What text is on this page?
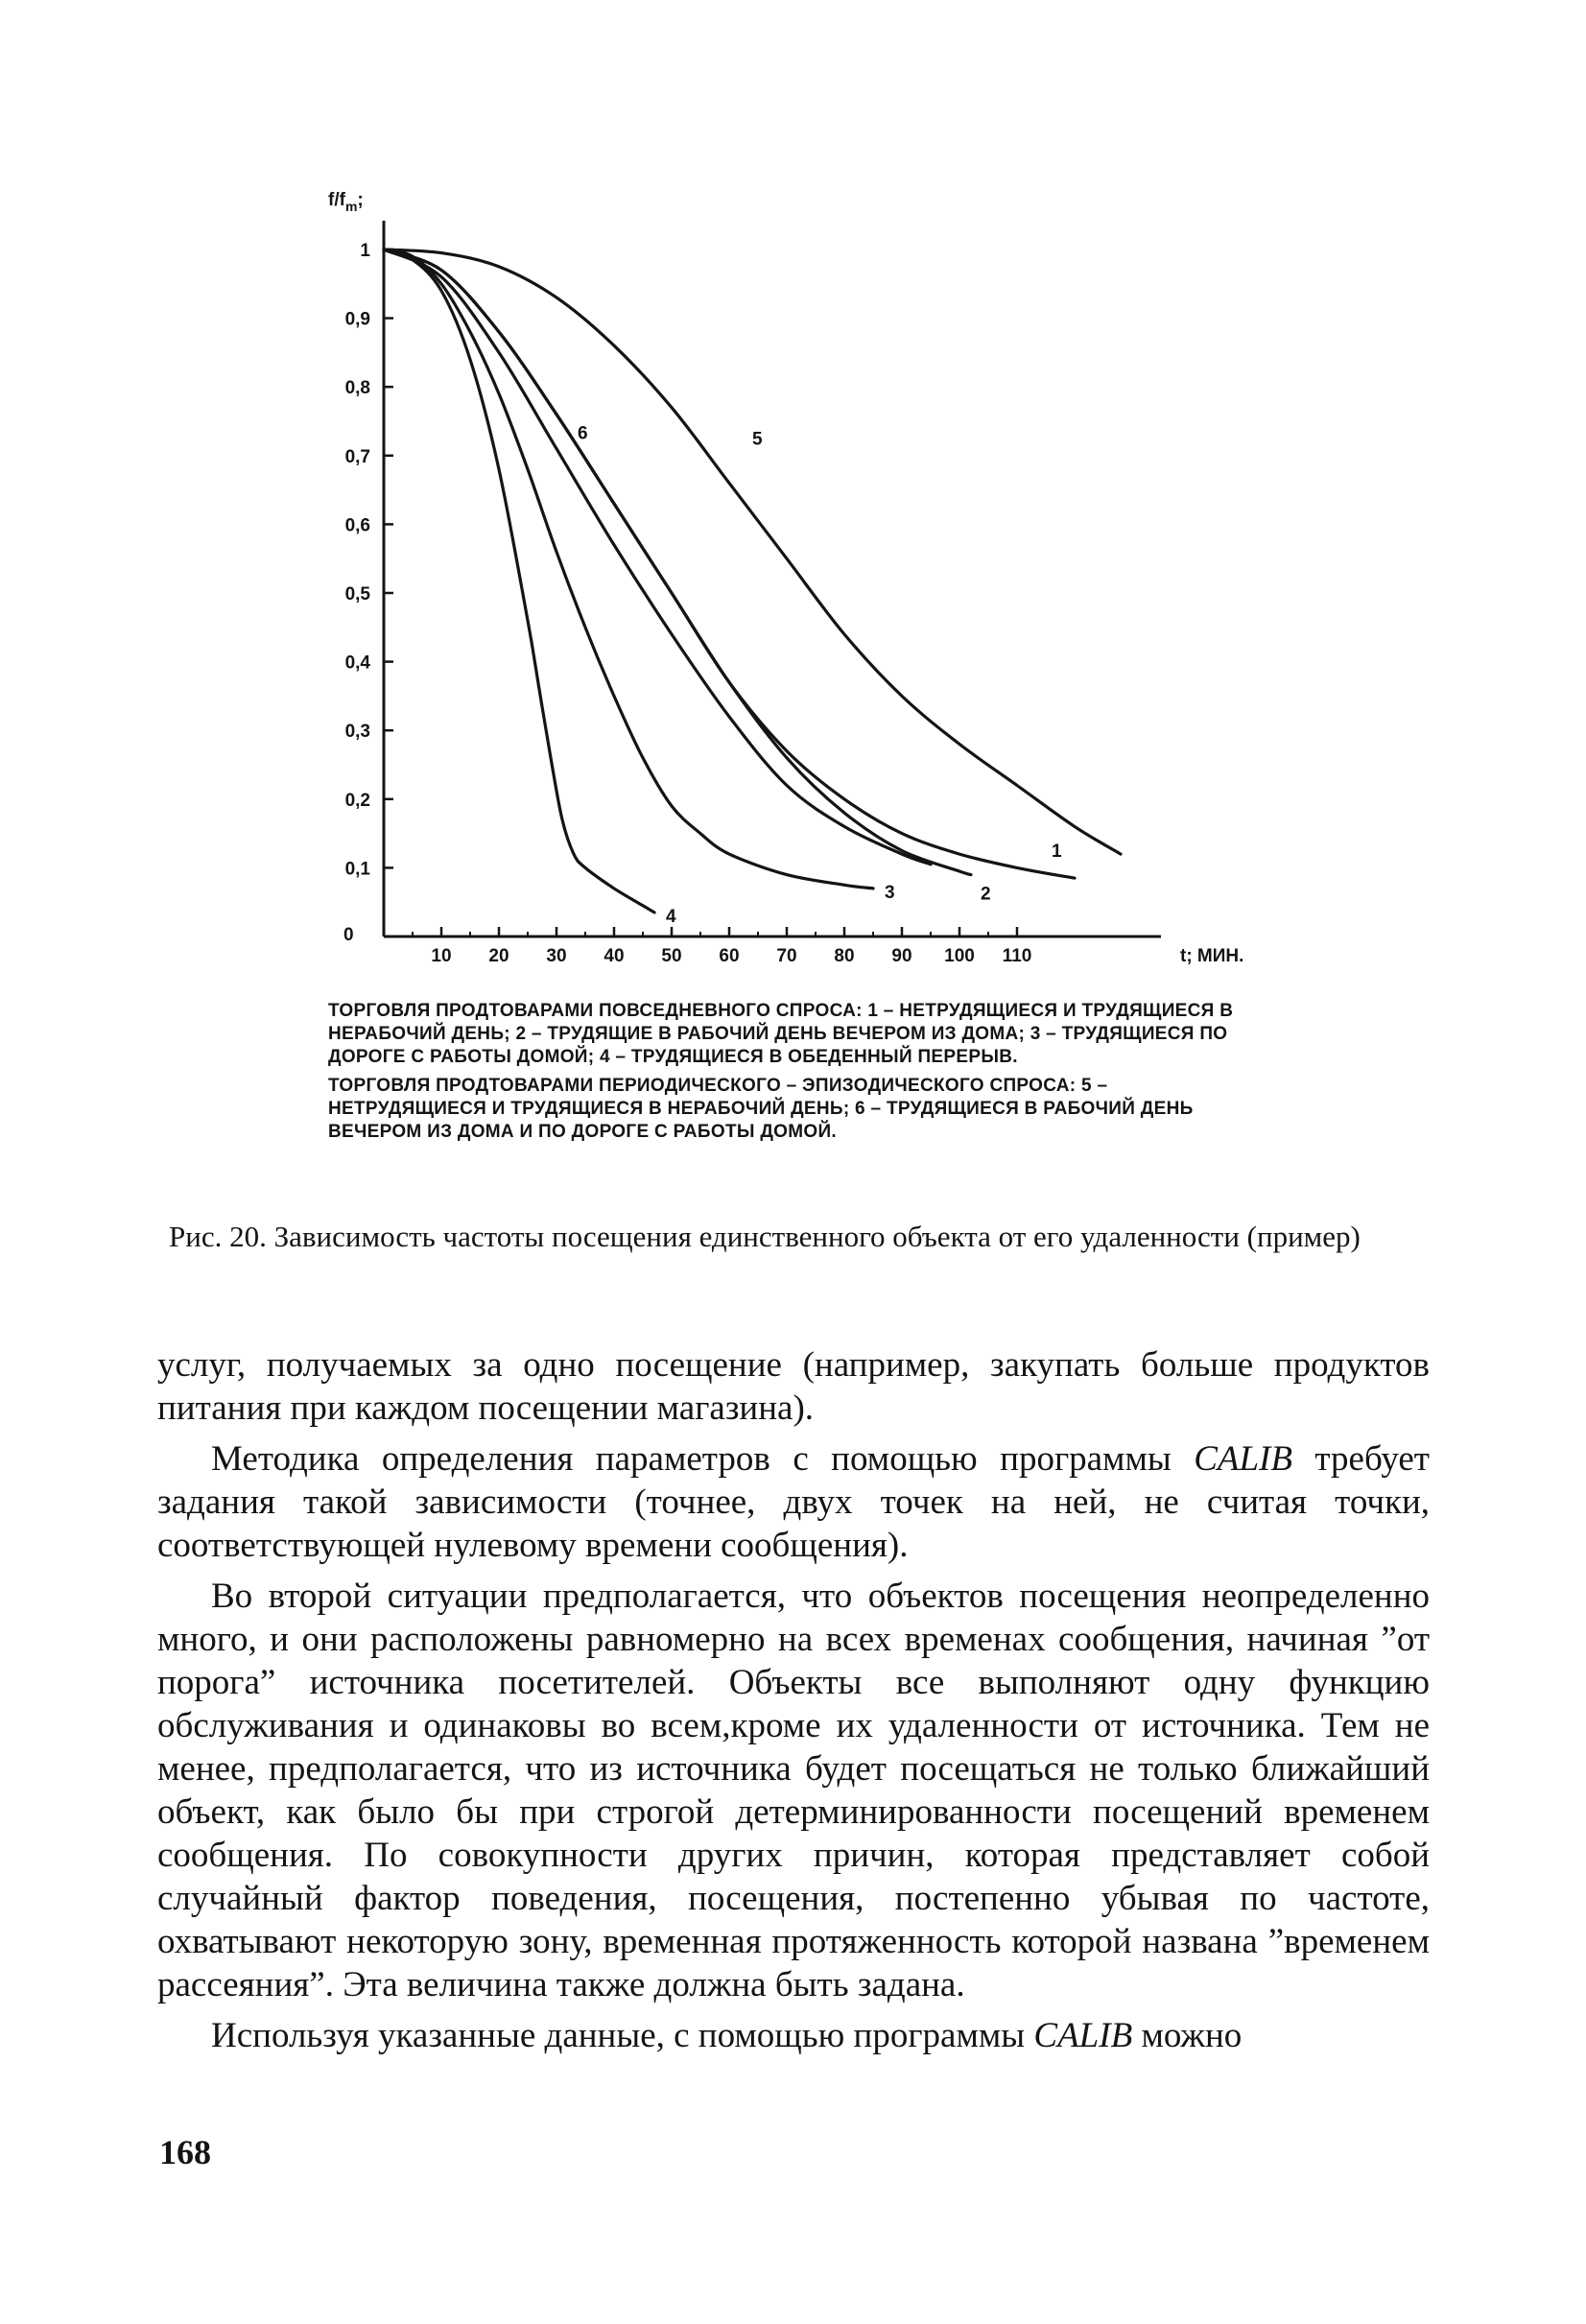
10 20 30 40 50 60 70 80 90 100 110
0,1
0,2
0,3
0,4
0,5
0,6
0,7
0,8
0,9
1
1
2
3
4
5
6
$f/f_m$;
0
t; МИН.

ТОРГОВЛЯ ПРОДТОВАРАМИ ПОВСЕДНЕВНОГО СПРОСА: 1 – НЕТРУДЯЩИЕСЯ И ТРУДЯЩИЕСЯ В НЕРАБОЧИЙ ДЕНЬ; 2 – ТРУДЯЩИЕ В РАБОЧИЙ ДЕНЬ ВЕЧЕРОМ ИЗ ДОМА; 3 – ТРУДЯЩИЕСЯ ПО ДОРОГЕ С РАБОТЫ ДОМОЙ; 4 – ТРУДЯЩИЕСЯ В ОБЕДЕННЫЙ ПЕРЕРЫВ.

ТОРГОВЛЯ ПРОДТОВАРАМИ ПЕРИОДИЧЕСКОГО – ЭПИЗОДИЧЕСКОГО СПРОСА: 5 – НЕТРУДЯЩИЕСЯ И ТРУДЯЩИЕСЯ В НЕРАБОЧИЙ ДЕНЬ; 6 – ТРУДЯЩИЕСЯ В РАБОЧИЙ ДЕНЬ ВЕЧЕРОМ ИЗ ДОМА И ПО ДОРОГЕ С РАБОТЫ ДОМОЙ.

Рис. 20. Зависимость частоты посещения единственного объекта от его удаленности (пример)

услуг, получаемых за одно посещение (например, закупать больше продуктов питания при каждом посещении магазина).

Методика определения параметров с помощью программы CALIB требует задания такой зависимости (точнее, двух точек на ней, не считая точки, соответствующей нулевому времени сообщения).

Во второй ситуации предполагается, что объектов посещения неопределенно много, и они расположены равномерно на всех временах сообщения, начиная ”от порога” источника посетителей. Объекты все выполняют одну функцию обслуживания и одинаковы во всем,кроме их удаленности от источника. Тем не менее, предполагается, что из источника будет посещаться не только ближайший объект, как было бы при строгой детерминированности посещений временем сообщения. По совокупности других причин, которая представляет собой случайный фактор поведения, посещения, постепенно убывая по частоте, охватывают некоторую зону, временная протяженность которой названа ”временем рассеяния”. Эта величина также должна быть задана.

Используя указанные данные, с помощью программы CALIB можно

168
